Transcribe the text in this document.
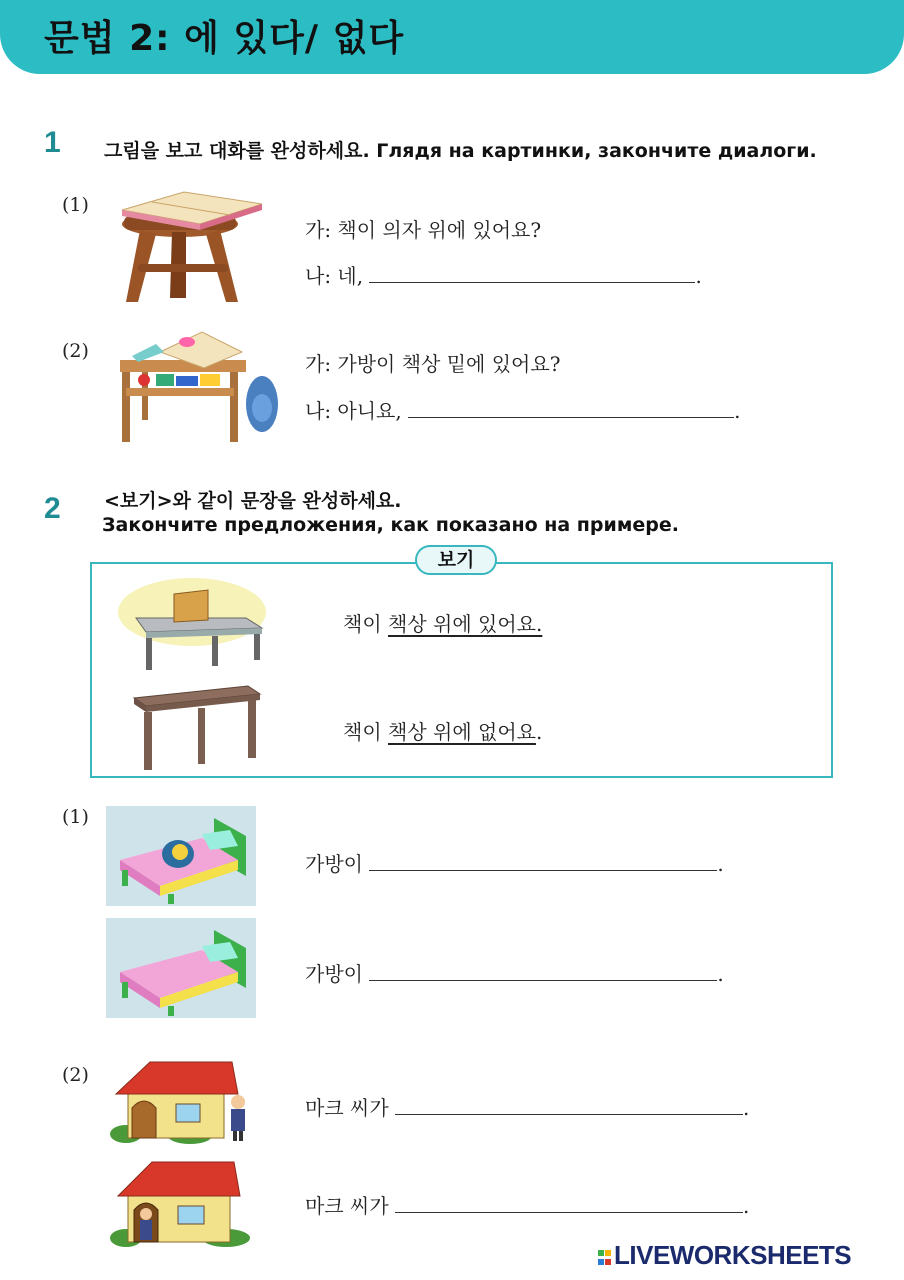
문법 2: 에 있다/ 없다
1 그림을 보고 대화를 완성하세요. Глядя на картинки, закончите диалоги.
(1)
가: 책이 의자 위에 있어요?
나: 네,	.
(2)
가: 가방이 책상 밑에 있어요?
나: 아니요,	.
2 <보기>와 같이 문장을 완성하세요.
Закончите предложения, как показано на примере.
보기
책이 책상 위에 있어요.
책이 책상 위에 없어요.
(1)
가방이	.
가방이	.
(2)
마크 씨가	.
마크 씨가	.

LIVEWORKSHEETS
